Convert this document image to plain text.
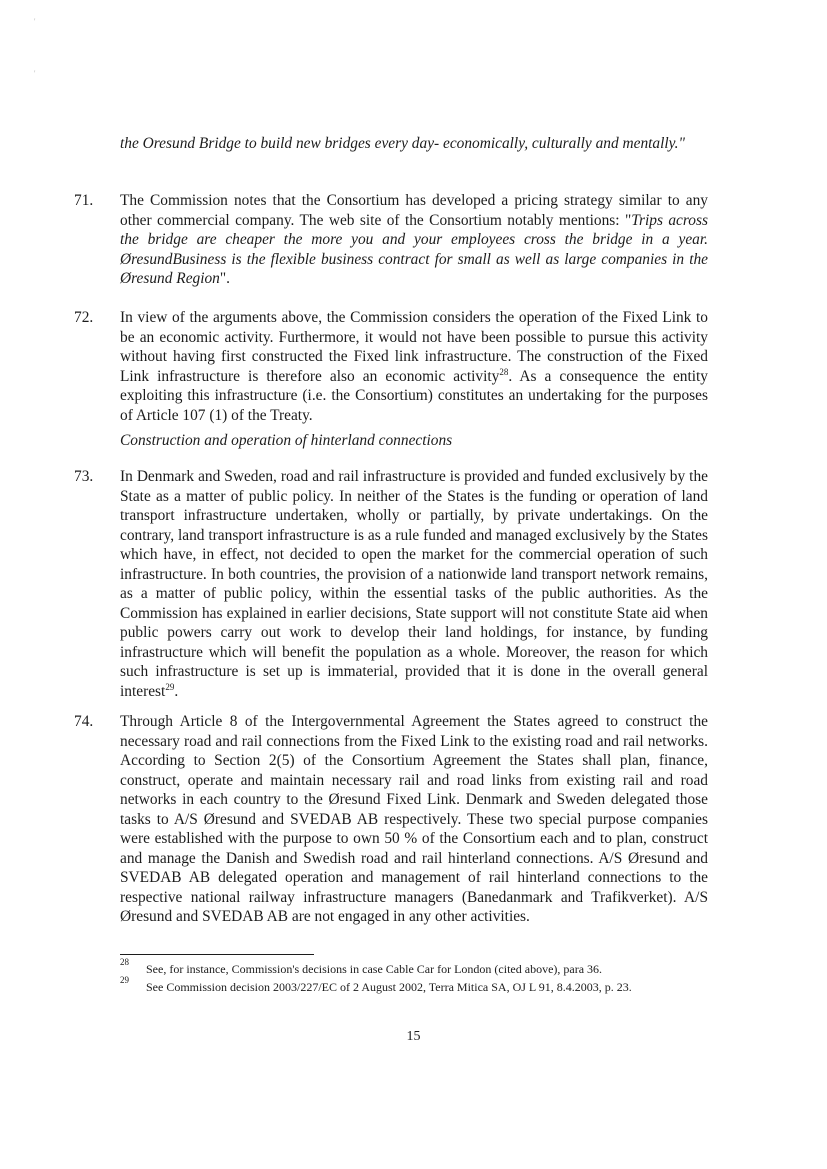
'
'
the Oresund Bridge to build new bridges every day- economically, culturally and mentally."
71. The Commission notes that the Consortium has developed a pricing strategy similar to any other commercial company. The web site of the Consortium notably mentions: "Trips across the bridge are cheaper the more you and your employees cross the bridge in a year. ØresundBusiness is the flexible business contract for small as well as large companies in the Øresund Region".
72. In view of the arguments above, the Commission considers the operation of the Fixed Link to be an economic activity. Furthermore, it would not have been possible to pursue this activity without having first constructed the Fixed link infrastructure. The construction of the Fixed Link infrastructure is therefore also an economic activity$^{28}$. As a consequence the entity exploiting this infrastructure (i.e. the Consortium) constitutes an undertaking for the purposes of Article 107 (1) of the Treaty.
Construction and operation of hinterland connections
73. In Denmark and Sweden, road and rail infrastructure is provided and funded exclusively by the State as a matter of public policy. In neither of the States is the funding or operation of land transport infrastructure undertaken, wholly or partially, by private undertakings. On the contrary, land transport infrastructure is as a rule funded and managed exclusively by the States which have, in effect, not decided to open the market for the commercial operation of such infrastructure. In both countries, the provision of a nationwide land transport network remains, as a matter of public policy, within the essential tasks of the public authorities. As the Commission has explained in earlier decisions, State support will not constitute State aid when public powers carry out work to develop their land holdings, for instance, by funding infrastructure which will benefit the population as a whole. Moreover, the reason for which such infrastructure is set up is immaterial, provided that it is done in the overall general interest$^{29}$.
74. Through Article 8 of the Intergovernmental Agreement the States agreed to construct the necessary road and rail connections from the Fixed Link to the existing road and rail networks. According to Section 2(5) of the Consortium Agreement the States shall plan, finance, construct, operate and maintain necessary rail and road links from existing rail and road networks in each country to the Øresund Fixed Link. Denmark and Sweden delegated those tasks to A/S Øresund and SVEDAB AB respectively. These two special purpose companies were established with the purpose to own 50 % of the Consortium each and to plan, construct and manage the Danish and Swedish road and rail hinterland connections. A/S Øresund and SVEDAB AB delegated operation and management of rail hinterland connections to the respective national railway infrastructure managers (Banedanmark and Trafikverket). A/S Øresund and SVEDAB AB are not engaged in any other activities.
28 See, for instance, Commission's decisions in case Cable Car for London (cited above), para 36.
29 See Commission decision 2003/227/EC of 2 August 2002, Terra Mitica SA, OJ L 91, 8.4.2003, p. 23.
15
